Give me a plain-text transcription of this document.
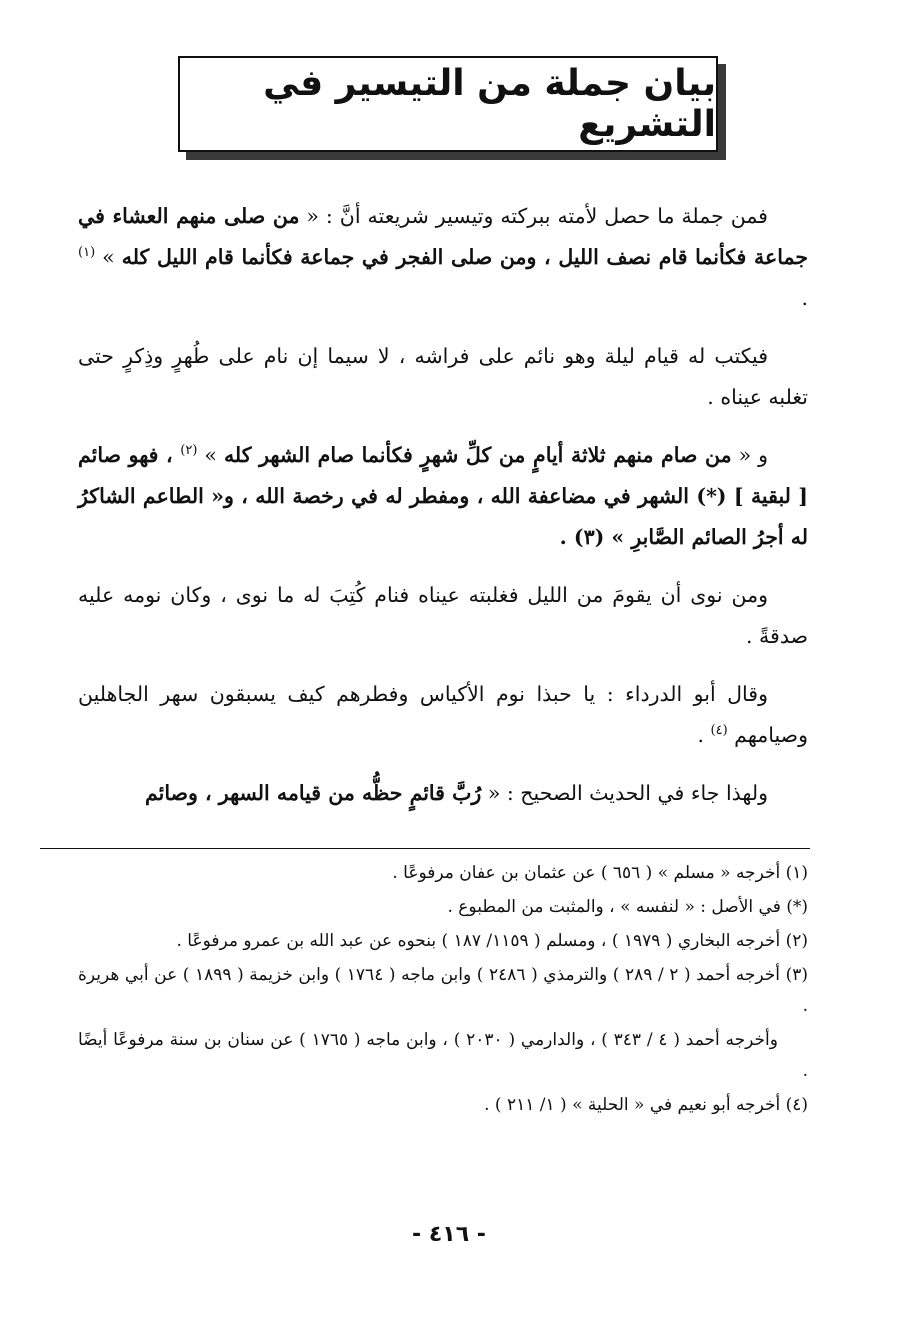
بيان جملة من التيسير في التشريع

فمن جملة ما حصل لأمته ببركته وتيسير شريعته أنَّ : « من صلى منهم العشاء في جماعة فكأنما قام نصف الليل ، ومن صلى الفجر في جماعة فكأنما قام الليل كله » $^{(١)}$ .

فيكتب له قيام ليلة وهو نائم على فراشه ، لا سيما إن نام على طُهرٍ وذِكرٍ حتى تغلبه عيناه .

و « من صام منهم ثلاثة أيامٍ من كلِّ شهرٍ فكأنما صام الشهر كله » $^{(٢)}$ ، فهو صائم [ لبقية ] (*) الشهر في مضاعفة الله ، ومفطر له في رخصة الله ، و« الطاعم الشاكرُ له أجرُ الصائم الصَّابرِ » (٣) .

ومن نوى أن يقومَ من الليل فغلبته عيناه فنام كُتِبَ له ما نوى ، وكان نومه عليه صدقةً .

وقال أبو الدرداء : يا حبذا نوم الأكياس وفطرهم كيف يسبقون سهر الجاهلين وصيامهم $^{(٤)}$ .

ولهذا جاء في الحديث الصحيح : « رُبَّ قائمٍ حظُّه من قيامه السهر ، وصائم

(١) أخرجه « مسلم » ( ٦٥٦ ) عن عثمان بن عفان مرفوعًا .

(*) في الأصل : « لنفسه » ، والمثبت من المطبوع .

(٢) أخرجه البخاري ( ١٩٧٩ ) ، ومسلم ( ١١٥٩/ ١٨٧ ) بنحوه عن عبد الله بن عمرو مرفوعًا .

(٣) أخرجه أحمد ( ٢ / ٢٨٩ ) والترمذي ( ٢٤٨٦ ) وابن ماجه ( ١٧٦٤ ) وابن خزيمة ( ١٨٩٩ ) عن أبي هريرة .

وأخرجه أحمد ( ٤ / ٣٤٣ ) ، والدارمي ( ٢٠٣٠ ) ، وابن ماجه ( ١٧٦٥ ) عن سنان بن سنة مرفوعًا أيضًا .

(٤) أخرجه أبو نعيم في « الحلية » ( ١/ ٢١١ ) .

- ٤١٦ -
